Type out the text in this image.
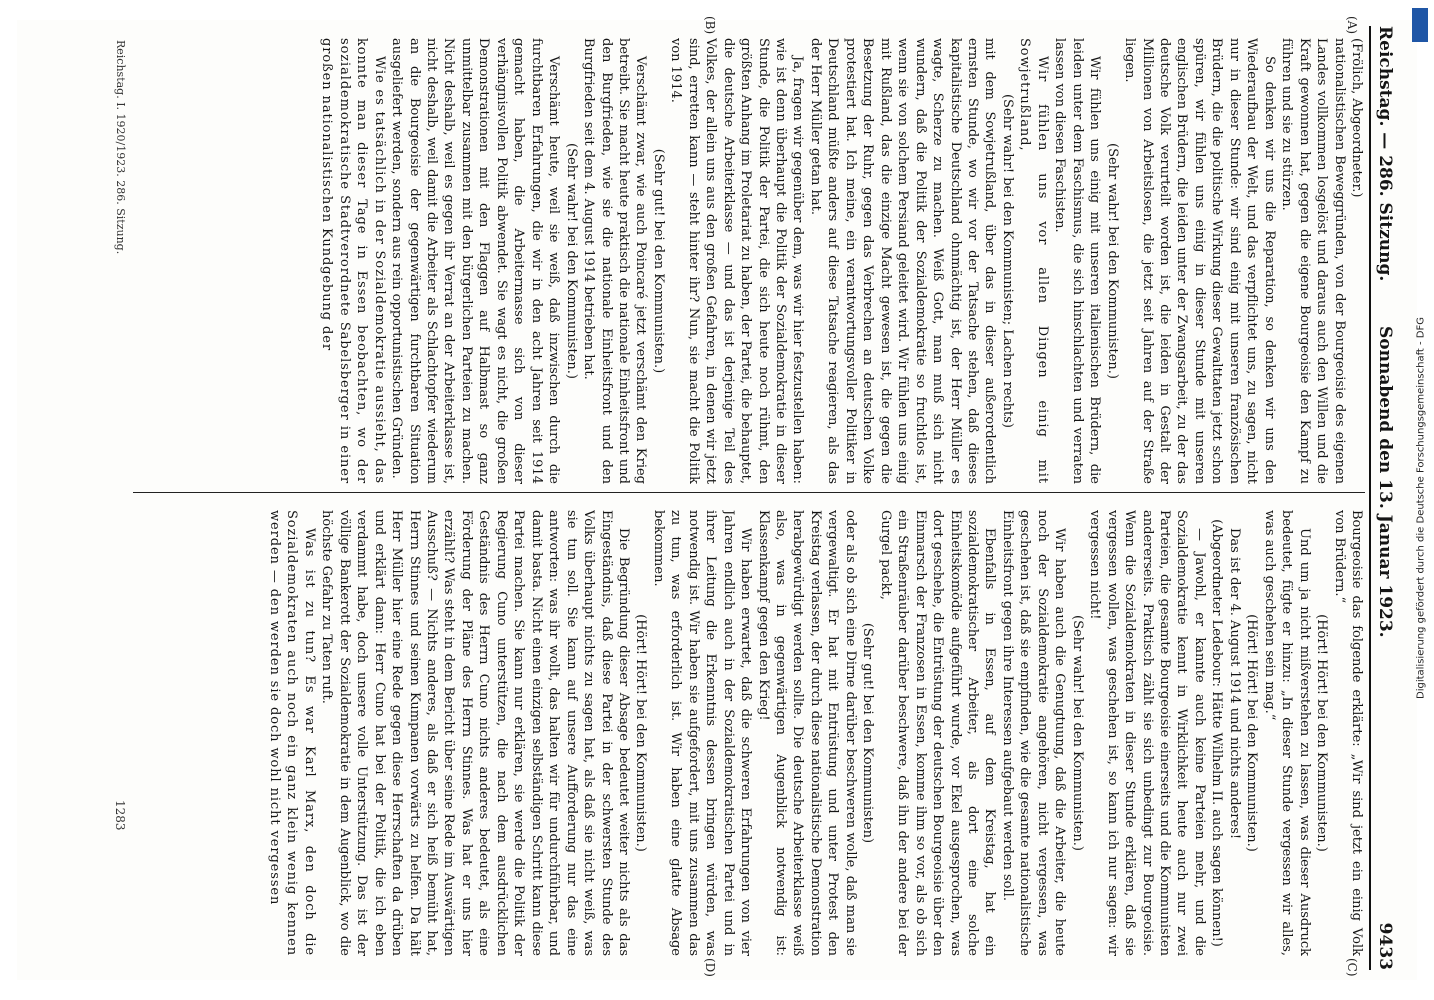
Reichstag. — 286. Sitzung.
Sonnabend den 13. Januar 1923.
9433
(A)
(B)
(C)
(D)

(Frölich, Abgeordneter.)

nationalistischen Beweggründen, von der Bourgeoisie des eigenen Landes vollkommen losgelöst und daraus auch den Willen und die Kraft gewonnen hat, gegen die eigene Bourgeoisie den Kampf zu führen und sie zu stürzen.

So denken wir uns die Reparation, so denken wir uns den Wiederaufbau der Welt, und das verpflichtet uns, zu sagen, nicht nur in dieser Stunde: wir sind einig mit unseren französischen Brüdern, die die politische Wirkung dieser Gewalttaten jetzt schon spüren, wir fühlen uns einig in dieser Stunde mit unseren englischen Brüdern, die leiden unter der Zwangsarbeit, zu der das deutsche Volk verurteilt worden ist, die leiden in Gestalt der Millionen von Arbeitslosen, die jetzt seit Jahren auf der Straße liegen.

(Sehr wahr! bei den Kommunisten.)

Wir fühlen uns einig mit unseren italienischen Brüdern, die leiden unter dem Faschismus, die sich hinschlachten und verraten lassen von diesen Faschisten.

Wir fühlen uns vor allen Dingen einig mit Sowjetrußland,

(Sehr wahr! bei den Kommunisten; Lachen rechts)

mit dem Sowjetrußland, über das in dieser außerordentlich ernsten Stunde, wo wir vor der Tatsache stehen, daß dieses kapitalistische Deutschland ohnmächtig ist, der Herr Müller es wagte, Scherze zu machen. Weiß Gott, man muß sich nicht wundern, daß die Politik der Sozialdemokratie so fruchtlos ist, wenn sie von solchem Persiand geleitet wird. Wir fühlen uns einig mit Rußland, das die einzige Macht gewesen ist, die gegen die Besetzung der Ruhr, gegen das Verbrechen an deutschen Volke protestiert hat. Ich meine, ein verantwortungsvoller Politiker in Deutschland müßte anders auf diese Tatsache reagieren, als das der Herr Müller getan hat.

Ja, fragen wir gegenüber dem, was wir hier festzustellen haben: wie ist denn überhaupt die Politik der Sozialdemokratie in dieser Stunde, die Politik der Partei, die sich heute noch rühmt, den größten Anhang im Proletariat zu haben, der Partei, die behauptet, die deutsche Arbeiterklasse — und das ist derjenige Teil des Volkes, der allein uns aus den großen Gefahren, in denen wir jetzt sind, erretten kann — steht hinter ihr? Nun, sie macht die Politik von 1914.

(Sehr gut! bei den Kommunisten.)

Verschämt zwar, wie auch Poincaré jetzt verschämt den Krieg betreibt. Sie macht heute praktisch die nationale Einheitsfront und den Burgfrieden, wie sie die nationale Einheitsfront und den Burgfrieden seit dem 4. August 1914 betrieben hat.

(Sehr wahr! bei den Kommunisten.)

Verschämt heute, weil sie weiß, daß inzwischen durch die furchtbaren Erfahrungen, die wir in den acht Jahren seit 1914 gemacht haben, die Arbeitermasse sich von dieser verhängnisvollen Politik abwendet. Sie wagt es nicht, die großen Demonstrationen mit den Flaggen auf Halbmast so ganz unmittelbar zusammen mit den bürgerlichen Parteien zu machen. Nicht deshalb, weil es gegen ihr Verrat an der Arbeiterklasse ist, nicht deshalb, weil damit die Arbeiter als Schlachtopfer wiederum an die Bourgeoisie der gegenwärtigen furchtbaren Situation ausgeliefert werden, sondern aus rein opportunistischen Gründen.

Wie es tatsächlich in der Sozialdemokratie aussieht, das konnte man dieser Tage in Essen beobachten, wo der sozialdemokratische Stadtverordnete Sabelsberger in einer großen nationalistischen Kundgebung der

Bourgeoisie das folgende erklärte: „Wir sind jetzt ein einig Volk von Brüdern.“

(Hört! Hört! bei den Kommunisten.)

Und um ja nicht mißverstehen zu lassen, was dieser Ausdruck bedeutet, fügte er hinzu: „In dieser Stunde vergessen wir alles, was auch geschehen sein mag.“

(Hört! Hört! bei den Kommunisten.)

Das ist der 4. August 1914 und nichts anderes!

(Abgeordneter Ledebour: Hätte Wilhelm II. auch sagen können!)

— Jawohl, er kannte auch keine Parteien mehr, und die Sozialdemokratie kennt in Wirklichkeit heute auch nur zwei Parteien, die gesamte Bourgeoisie einerseits und die Kommunisten andererseits. Praktisch zählt sie sich unbedingt zur Bourgeoisie. Wenn die Sozialdemokraten in dieser Stunde erklären, daß sie vergessen wollen, was geschehen ist, so kann ich nur sagen: wir vergessen nicht!

(Sehr wahr! bei den Kommunisten.)

Wir haben auch die Genugtuung, daß die Arbeiter, die heute noch der Sozialdemokratie angehören, nicht vergessen, was geschehen ist, daß sie empfinden, wie die gesamte nationalistische Einheitsfront gegen ihre Interessen aufgebaut werden soll.

Ebenfalls in Essen, auf dem Kreistag, hat ein sozialdemokratischer Arbeiter, als dort eine solche Einheitskomödie aufgeführt wurde, vor Ekel ausgesprochen, was dort geschehe, die Entrüstung der deutschen Bourgeoisie über den Einmarsch der Franzosen in Essen, komme ihm so vor, als ob sich ein Straßenräuber darüber beschwere, daß ihn der andere bei der Gurgel packt,

(Sehr gut! bei den Kommunisten)

oder als ob sich eine Dirne darüber beschweren wolle, daß man sie vergewaltigt. Er hat mit Entrüstung und unter Protest den Kreistag verlassen, der durch diese nationalistische Demonstration herabgewürdigt werden sollte. Die deutsche Arbeiterklasse weiß also, was in gegenwärtigen Augenblick notwendig ist: Klassenkampf gegen den Krieg!

Wir haben erwartet, daß die schweren Erfahrungen von vier Jahren endlich auch in der Sozialdemokratischen Partei und in ihrer Leitung die Erkenntnis dessen bringen würden, was notwendig ist. Wir haben sie aufgefordert, mit uns zusammen das zu tun, was erforderlich ist. Wir haben eine glatte Absage bekommen.

(Hört! Hört! bei den Kommunisten.)

Die Begründung dieser Absage bedeutet weiter nichts als das Eingeständnis, daß diese Partei in der schwersten Stunde des Volks überhaupt nichts zu sagen hat, als daß sie nicht weiß, was sie tun soll. Sie kann auf unsere Aufforderung nur das eine antworten: was ihr wollt, das halten wir für undurchführbar, und damit basta. Nicht einen einzigen selbständigen Schritt kann diese Partei machen. Sie kann nur erklären, sie werde die Politik der Regierung Cuno unterstützen, die nach dem ausdrücklichen Geständnis des Herrn Cuno nichts anderes bedeutet, als eine Förderung der Pläne des Herrn Stinnes. Was hat er uns hier erzählt? Was steht in dem Bericht über seine Rede im Auswärtigen Ausschuß? — Nichts anderes, als daß er sich heiß bemüht hat, Herrn Stinnes und seinen Kumpanen vorwärts zu helfen. Da hält Herr Müller hier eine Rede gegen diese Herrschaften da drüben und erklärt dann: Herr Cuno hat bei der Politik, die ich eben verdammt habe, doch unsere volle Unterstützung. Das ist der völlige Bankerott der Sozialdemokratie in dem Augenblick, wo die höchste Gefahr zu Taten ruft.

Was ist zu tun? Es war Karl Marx, den doch die Sozialdemokraten auch noch ein ganz klein wenig kennen werden — den werden sie doch wohl nicht vergessen

Reichstag. I. 1920/1923. 286. Sitzung.
1283
Digitalisierung gefördert durch die Deutsche Forschungsgemeinschaft - DFG
